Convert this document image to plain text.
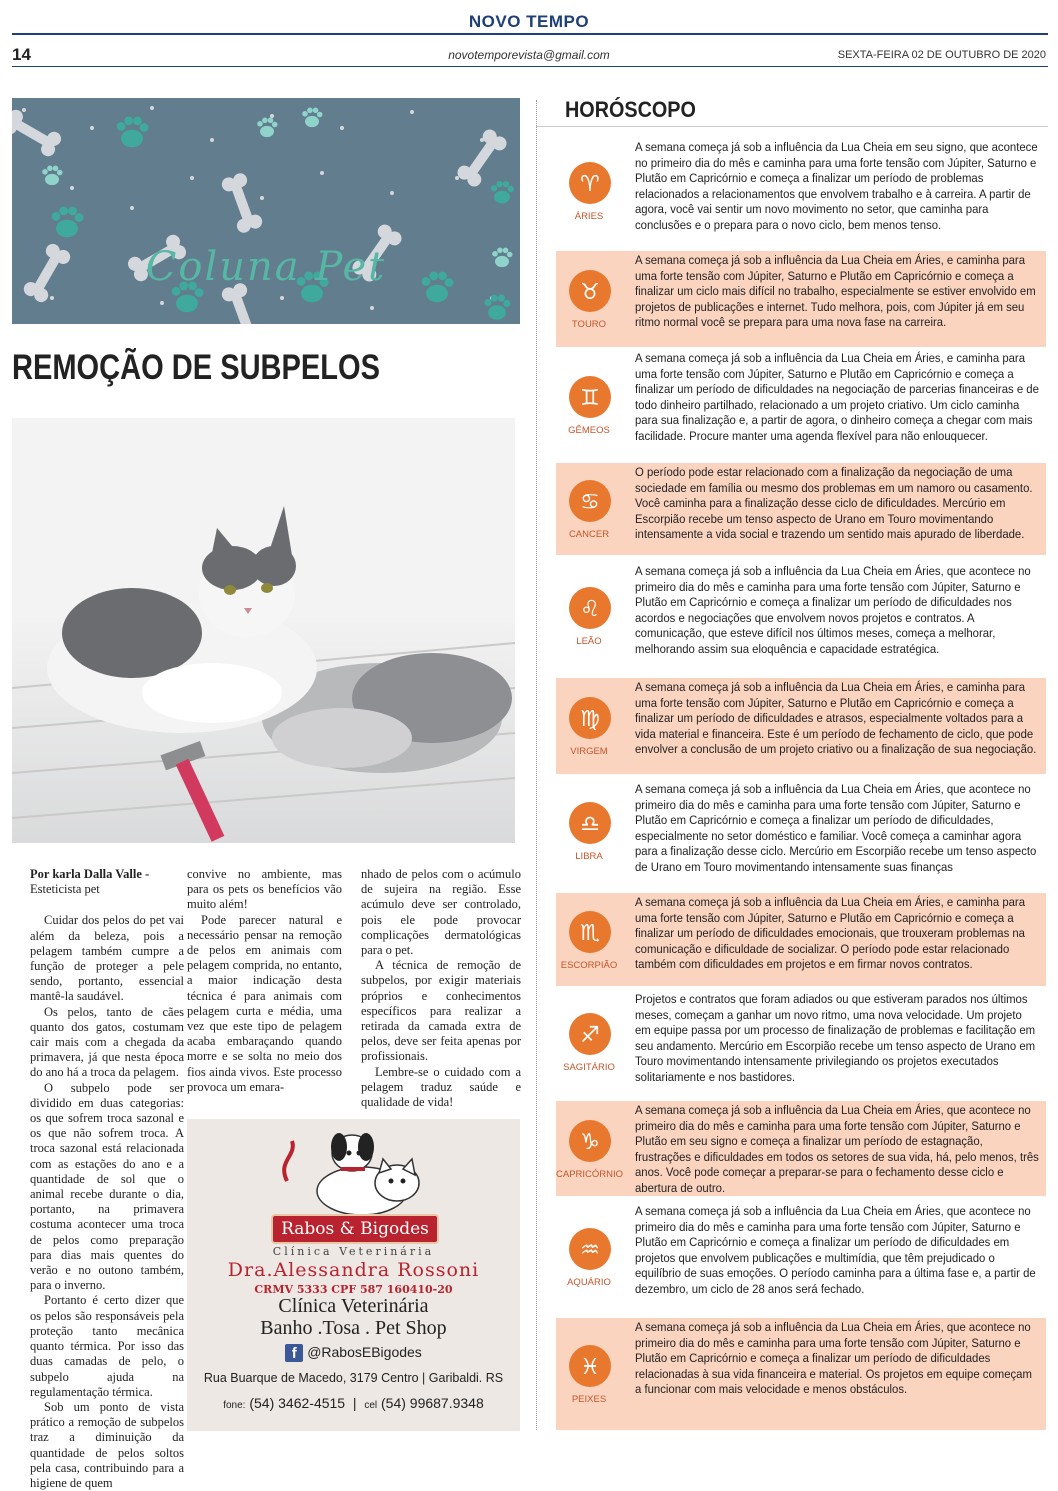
NOVO TEMPO
14	novotemporevista@gmail.com	SEXTA-FEIRA 02 DE OUTUBRO DE 2020
Coluna Pet
REMOÇÃO DE SUBPELOS

Por karla Dalla Valle -

Esteticista pet

Cuidar dos pelos do pet vai além da beleza, pois a pelagem também cumpre a função de proteger a pele sendo, portanto, essencial mantê-la saudável.

Os pelos, tanto de cães quanto dos gatos, costumam cair mais com a chegada da primavera, já que nesta época do ano há a troca da pelagem.

O subpelo pode ser dividido em duas categorias: os que sofrem troca sazonal e os que não sofrem troca. A troca sazonal está relacionada com as estações do ano e a quantidade de sol que o animal recebe durante o dia, portanto, na primavera costuma acontecer uma troca de pelos como preparação para dias mais quentes do verão e no outono também, para o inverno.

Portanto é certo dizer que os pelos são responsáveis pela proteção tanto mecânica quanto térmica. Por isso das duas camadas de pelo, o subpelo ajuda na regulamentação térmica.

Sob um ponto de vista prático a remoção de subpelos traz a diminuição da quantidade de pelos soltos pela casa, contribuindo para a higiene de quem

convive no ambiente, mas para os pets os benefícios vão muito além!

Pode parecer natural e necessário pensar na remoção de pelos em animais com pelagem comprida, no entanto, a maior indicação desta técnica é para animais com pelagem curta e média, uma vez que este tipo de pelagem acaba embaraçando quando morre e se solta no meio dos fios ainda vivos. Este processo provoca um emara-

nhado de pelos com o acúmulo de sujeira na região. Esse acúmulo deve ser controlado, pois ele pode provocar complicações dermatológicas para o pet.

A técnica de remoção de subpelos, por exigir materiais próprios e conhecimentos específicos para realizar a retirada da camada extra de pelos, deve ser feita apenas por profissionais.

Lembre-se o cuidado com a pelagem traduz saúde e qualidade de vida!

Rabos & Bigodes
Clínica Veterinária
Dra.Alessandra Rossoni
CRMV 5333 CPF 587 160410-20
Clínica Veterinária
Banho .Tosa . Pet Shop
f @RabosEBigodes
Rua Buarque de Macedo, 3179 Centro | Garibaldi. RS
fone: (54) 3462-4515  |  cel (54) 99687.9348
HORÓSCOPO
♈
ÁRIES
A semana começa já sob a influência da Lua Cheia em seu signo, que acontece no primeiro dia do mês e caminha para uma forte tensão com Júpiter, Saturno e Plutão em Capricórnio e começa a finalizar um período de problemas relacionados a relacionamentos que envolvem trabalho e à carreira. A partir de agora, você vai sentir um novo movimento no setor, que caminha para conclusões e o prepara para o novo ciclo, bem menos tenso.
♉
TOURO
A semana começa já sob a influência da Lua Cheia em Áries, e caminha para uma forte tensão com Júpiter, Saturno e Plutão em Capricórnio e começa a finalizar um ciclo mais difícil no trabalho, especialmente se estiver envolvido em projetos de publicações e internet. Tudo melhora, pois, com Júpiter já em seu ritmo normal você se prepara para uma nova fase na carreira.
♊
GÊMEOS
A semana começa já sob a influência da Lua Cheia em Áries, e caminha para uma forte tensão com Júpiter, Saturno e Plutão em Capricórnio e começa a finalizar um período de dificuldades na negociação de parcerias financeiras e de todo dinheiro partilhado, relacionado a um projeto criativo. Um ciclo caminha para sua finalização e, a partir de agora, o dinheiro começa a chegar com mais facilidade. Procure manter uma agenda flexível para não enlouquecer.
♋
CANCER
O período pode estar relacionado com a finalização da negociação de uma sociedade em família ou mesmo dos problemas em um namoro ou casamento. Você caminha para a finalização desse ciclo de dificuldades. Mercúrio em Escorpião recebe um tenso aspecto de Urano em Touro movimentando intensamente a vida social e trazendo um sentido mais apurado de liberdade.
♌
LEÃO
A semana começa já sob a influência da Lua Cheia em Áries, que acontece no primeiro dia do mês e caminha para uma forte tensão com Júpiter, Saturno e Plutão em Capricórnio e começa a finalizar um período de dificuldades nos acordos e negociações que envolvem novos projetos e contratos. A comunicação, que esteve difícil nos últimos meses, começa a melhorar, melhorando assim sua eloquência e capacidade estratégica.
♍
VIRGEM
A semana começa já sob a influência da Lua Cheia em Áries, e caminha para uma forte tensão com Júpiter, Saturno e Plutão em Capricórnio e começa a finalizar um período de dificuldades e atrasos, especialmente voltados para a vida material e financeira. Este é um período de fechamento de ciclo, que pode envolver a conclusão de um projeto criativo ou a finalização de sua negociação.
♎
LIBRA
A semana começa já sob a influência da Lua Cheia em Áries, que acontece no primeiro dia do mês e caminha para uma forte tensão com Júpiter, Saturno e Plutão em Capricórnio e começa a finalizar um período de dificuldades, especialmente no setor doméstico e familiar. Você começa a caminhar agora para a finalização desse ciclo. Mercúrio em Escorpião recebe um tenso aspecto de Urano em Touro movimentando intensamente suas finanças
♏
ESCORPIÃO
A semana começa já sob a influência da Lua Cheia em Áries, e caminha para uma forte tensão com Júpiter, Saturno e Plutão em Capricórnio e começa a finalizar um período de dificuldades emocionais, que trouxeram problemas na comunicação e dificuldade de socializar. O período pode estar relacionado também com dificuldades em projetos e em firmar novos contratos.
♐
SAGITÁRIO
Projetos e contratos que foram adiados ou que estiveram parados nos últimos meses, começam a ganhar um novo ritmo, uma nova velocidade. Um projeto em equipe passa por um processo de finalização de problemas e facilitação em seu andamento. Mercúrio em Escorpião recebe um tenso aspecto de Urano em Touro movimentando intensamente privilegiando os projetos executados solitariamente e nos bastidores.
♑
CAPRICÓRNIO
A semana começa já sob a influência da Lua Cheia em Áries, que acontece no primeiro dia do mês e caminha para uma forte tensão com Júpiter, Saturno e Plutão em seu signo e começa a finalizar um período de estagnação, frustrações e dificuldades em todos os setores de sua vida, há, pelo menos, três anos. Você pode começar a preparar-se para o fechamento desse ciclo e abertura de outro.
♒
AQUÁRIO
A semana começa já sob a influência da Lua Cheia em Áries, que acontece no primeiro dia do mês e caminha para uma forte tensão com Júpiter, Saturno e Plutão em Capricórnio e começa a finalizar um período de dificuldades em projetos que envolvem publicações e multimídia, que têm prejudicado o equilíbrio de suas emoções. O período caminha para a última fase e, a partir de dezembro, um ciclo de 28 anos será fechado.
♓
PEIXES
A semana começa já sob a influência da Lua Cheia em Áries, que acontece no primeiro dia do mês e caminha para uma forte tensão com Júpiter, Saturno e Plutão em Capricórnio e começa a finalizar um período de dificuldades relacionadas à sua vida financeira e material. Os projetos em equipe começam a funcionar com mais velocidade e menos obstáculos.
